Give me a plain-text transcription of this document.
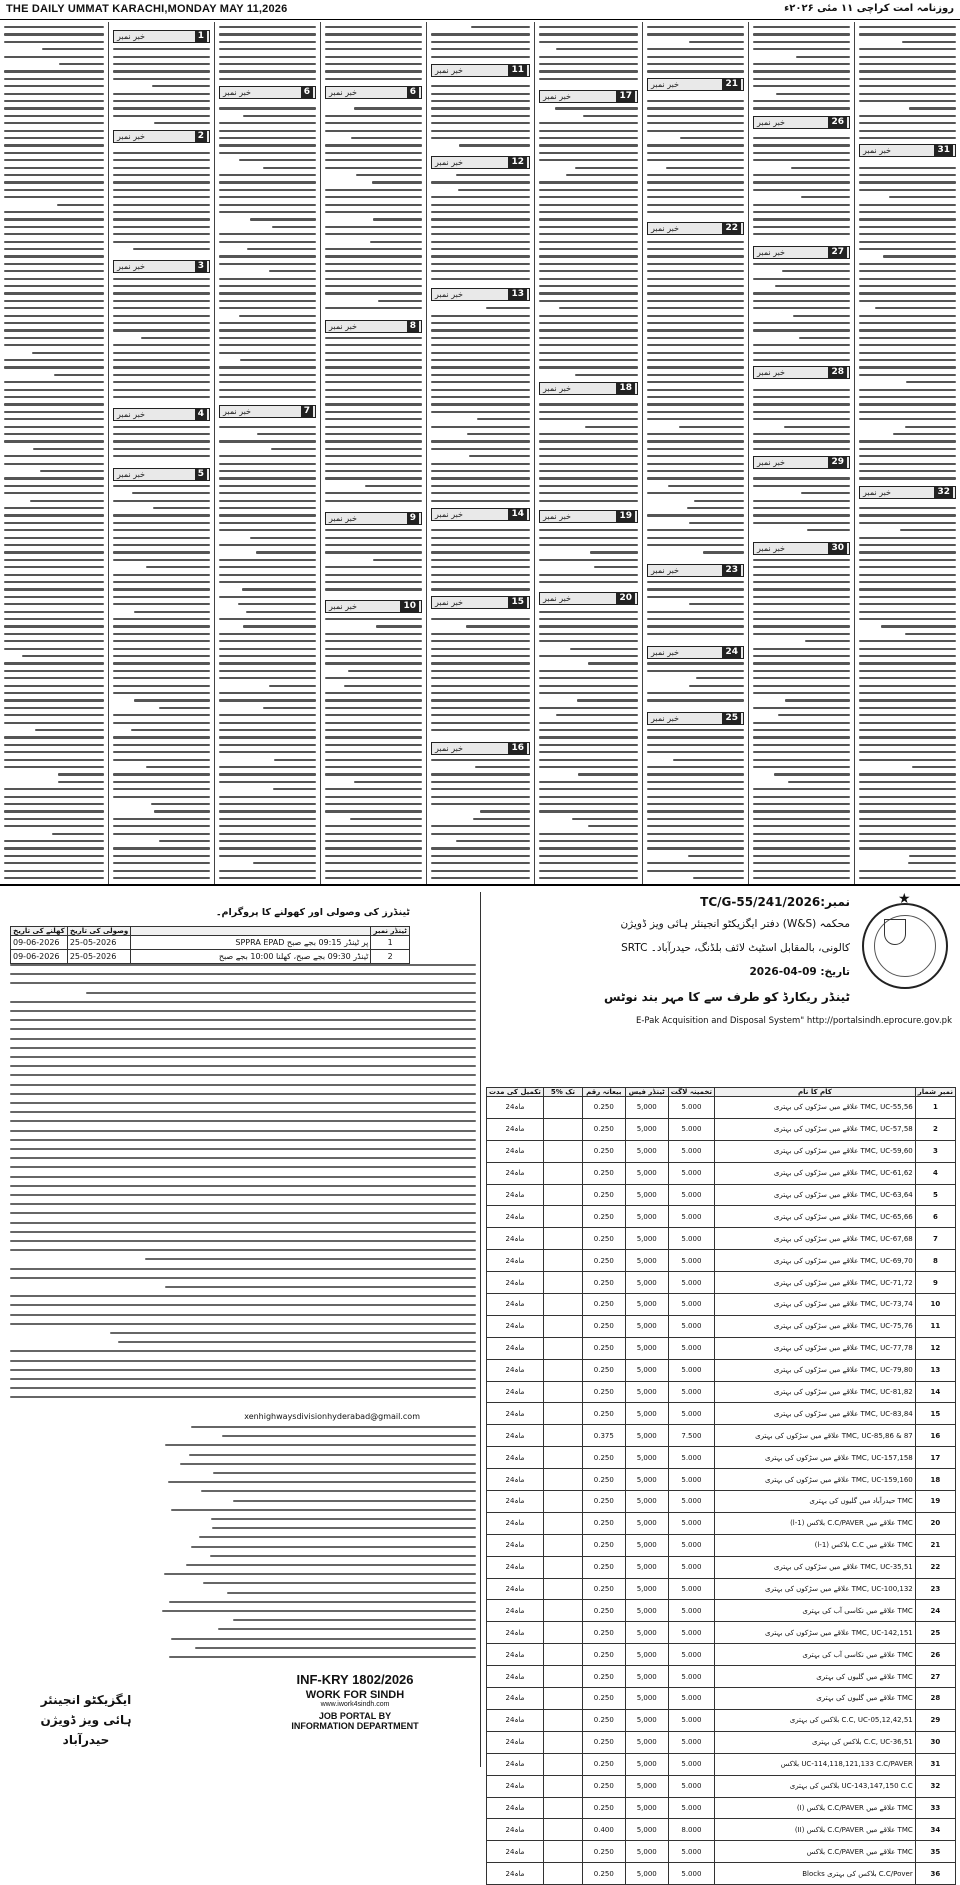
THE DAILY UMMAT KARACHI,MONDAY MAY 11,2026	روزنامہ امت کراچی ۱۱ مئی ۲۰۲۶ء
خبر نمبر	1
خبر نمبر	2
خبر نمبر	3
خبر نمبر	4
خبر نمبر	5
خبر نمبر	6
خبر نمبر	7
خبر نمبر	6
خبر نمبر	8
خبر نمبر	9
خبر نمبر	10
خبر نمبر	11
خبر نمبر	12
خبر نمبر	13
خبر نمبر	14
خبر نمبر	15
خبر نمبر	16
خبر نمبر	17
خبر نمبر	18
خبر نمبر	19
خبر نمبر	20
خبر نمبر	21
خبر نمبر	22
خبر نمبر	23
خبر نمبر	24
خبر نمبر	25
خبر نمبر	26
خبر نمبر	27
خبر نمبر	28
خبر نمبر	29
خبر نمبر	30
خبر نمبر	31
خبر نمبر	32
★
TC/G-55/241/2026:نمبر
دفتر ایگزیکٹو انجینئر ہائی ویز ڈویژن (W&S) محکمہ
SRTC کالونی، بالمقابل اسٹیٹ لائف بلڈنگ، حیدرآباد۔
تاریخ: 09-04-2026
ٹینڈر ریکارڈ کو طرف سے کا مہر بند نوٹس
E-Pak Acquisition and Disposal System" http://portalsindh.eprocure.gov.pk
ٹینڈرز کی وصولی اور کھولنے کا پروگرام۔
کھلنے کی تاریخ	وصولی کی تاریخ		ٹینڈر نمبر
09-06-2026	25-05-2026	SPPRA EPAD پر ٹینڈر 09:15 بجے صبح	1
09-06-2026	25-05-2026	ٹینڈر 09:30 بجے صبح، کھلنا 10:00 بجے صبح	2
xenhighwaysdivisionhyderabad@gmail.com
تکمیل کی مدت	5% تک	بیعانہ رقم	ٹینڈر فیس	تخمینہ لاگت	کام کا نام	نمبر شمار
24ماہ		0.250	5,000	5.000	TMC, UC-55,56 علاقے میں سڑکوں کی بہتری	1
24ماہ		0.250	5,000	5.000	TMC, UC-57,58 علاقے میں سڑکوں کی بہتری	2
24ماہ		0.250	5,000	5.000	TMC, UC-59,60 علاقے میں سڑکوں کی بہتری	3
24ماہ		0.250	5,000	5.000	TMC, UC-61,62 علاقے میں سڑکوں کی بہتری	4
24ماہ		0.250	5,000	5.000	TMC, UC-63,64 علاقے میں سڑکوں کی بہتری	5
24ماہ		0.250	5,000	5.000	TMC, UC-65,66 علاقے میں سڑکوں کی بہتری	6
24ماہ		0.250	5,000	5.000	TMC, UC-67,68 علاقے میں سڑکوں کی بہتری	7
24ماہ		0.250	5,000	5.000	TMC, UC-69,70 علاقے میں سڑکوں کی بہتری	8
24ماہ		0.250	5,000	5.000	TMC, UC-71,72 علاقے میں سڑکوں کی بہتری	9
24ماہ		0.250	5,000	5.000	TMC, UC-73,74 علاقے میں سڑکوں کی بہتری	10
24ماہ		0.250	5,000	5.000	TMC, UC-75,76 علاقے میں سڑکوں کی بہتری	11
24ماہ		0.250	5,000	5.000	TMC, UC-77,78 علاقے میں سڑکوں کی بہتری	12
24ماہ		0.250	5,000	5.000	TMC, UC-79,80 علاقے میں سڑکوں کی بہتری	13
24ماہ		0.250	5,000	5.000	TMC, UC-81,82 علاقے میں سڑکوں کی بہتری	14
24ماہ		0.250	5,000	5.000	TMC, UC-83,84 علاقے میں سڑکوں کی بہتری	15
24ماہ		0.375	5,000	7.500	TMC, UC-85,86 & 87 علاقے میں سڑکوں کی بہتری	16
24ماہ		0.250	5,000	5.000	TMC, UC-157,158 علاقے میں سڑکوں کی بہتری	17
24ماہ		0.250	5,000	5.000	TMC, UC-159,160 علاقے میں سڑکوں کی بہتری	18
24ماہ		0.250	5,000	5.000	TMC حیدرآباد میں گلیوں کی بہتری	19
24ماہ		0.250	5,000	5.000	TMC علاقے میں C.C/PAVER بلاکس (1-ا)	20
24ماہ		0.250	5,000	5.000	TMC علاقے میں C.C بلاکس (1-ا)	21
24ماہ		0.250	5,000	5.000	TMC, UC-35,51 علاقے میں سڑکوں کی بہتری	22
24ماہ		0.250	5,000	5.000	TMC, UC-100,132 علاقے میں سڑکوں کی بہتری	23
24ماہ		0.250	5,000	5.000	TMC علاقے میں نکاسی آب کی بہتری	24
24ماہ		0.250	5,000	5.000	TMC, UC-142,151 علاقے میں سڑکوں کی بہتری	25
24ماہ		0.250	5,000	5.000	TMC علاقے میں نکاسی آب کی بہتری	26
24ماہ		0.250	5,000	5.000	TMC علاقے میں گلیوں کی بہتری	27
24ماہ		0.250	5,000	5.000	TMC علاقے میں گلیوں کی بہتری	28
24ماہ		0.250	5,000	5.000	C.C, UC-05,12,42,51 بلاکس کی بہتری	29
24ماہ		0.250	5,000	5.000	C.C, UC-36,51 بلاکس کی بہتری	30
24ماہ		0.250	5,000	5.000	UC-114,118,121,133 C.C/PAVER بلاکس	31
24ماہ		0.250	5,000	5.000	UC-143,147,150 C.C بلاکس کی بہتری	32
24ماہ		0.250	5,000	5.000	TMC علاقے میں C.C/PAVER بلاکس (I)	33
24ماہ		0.400	5,000	8.000	TMC علاقے میں C.C/PAVER بلاکس (II)	34
24ماہ		0.250	5,000	5.000	TMC علاقے میں C.C/PAVER بلاکس	35
24ماہ		0.250	5,000	5.000	C.C/Pover بلاکس کی بہتری Blocks	36
INF-KRY 1802/2026
WORK FOR SINDH
www.iwork4sindh.com
JOB PORTAL BY INFORMATION DEPARTMENT
ایگزیکٹو انجینئر
ہائی ویز ڈویژن
حیدرآباد
